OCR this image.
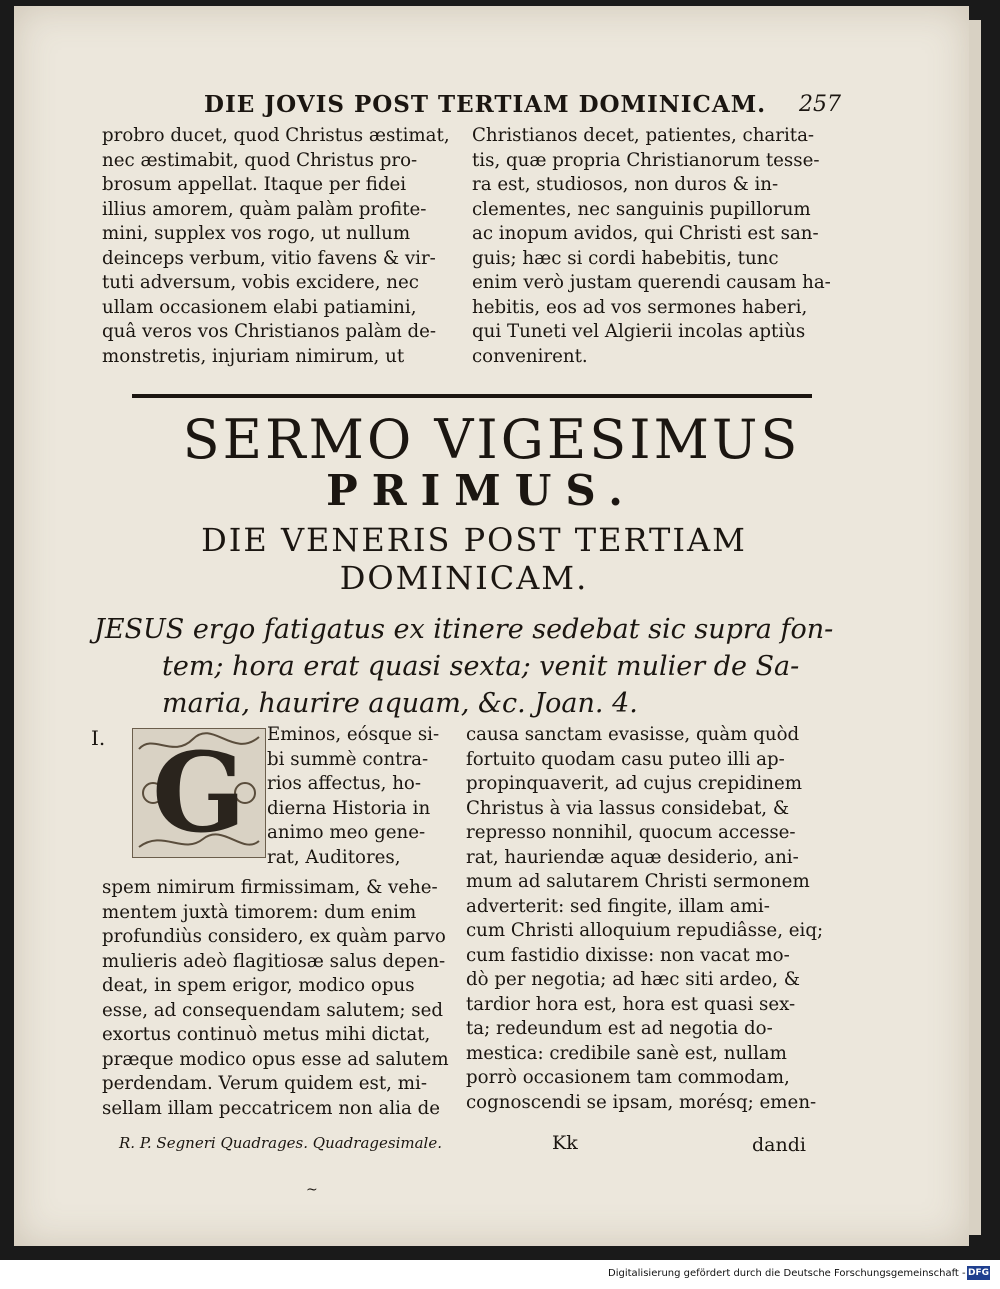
DIE JOVIS POST TERTIAM DOMINICAM. 257
probro ducet, quod Christus æstimat,
nec æstimabit, quod Christus pro-
brosum appellat. Itaque per fidei
illius amorem, quàm palàm profite-
mini, supplex vos rogo, ut nullum
deinceps verbum, vitio favens & vir-
tuti adversum, vobis excidere, nec
ullam occasionem elabi patiamini,
quâ veros vos Christianos palàm de-
monstretis, injuriam nimirum, ut
Christianos decet, patientes, charita-
tis, quæ propria Christianorum tesse-
ra est, studiosos, non duros & in-
clementes, nec sanguinis pupillorum
ac inopum avidos, qui Christi est san-
guis; hæc si cordi habebitis, tunc
enim verò justam querendi causam ha-
hebitis, eos ad vos sermones haberi,
qui Tuneti vel Algierii incolas aptiùs
convenirent.
SERMO VIGESIMUS
PRIMUS.
DIE VENERIS POST TERTIAM
DOMINICAM.
JESUS ergo fatigatus ex itinere sedebat sic supra fon-
tem; hora erat quasi sexta; venit mulier de Sa-
maria, haurire aquam, &c. Joan. 4.
I. G	Eminos, eósque si-
bi summè contra-
rios affectus, ho-
dierna Historia in
animo meo gene-
rat, Auditores,
spem nimirum firmissimam, & vehe-
mentem juxtà timorem: dum enim
profundiùs considero, ex quàm parvo
mulieris adeò flagitiosæ salus depen-
deat, in spem erigor, modico opus
esse, ad consequendam salutem; sed
exortus continuò metus mihi dictat,
præque modico opus esse ad salutem
perdendam. Verum quidem est, mi-
sellam illam peccatricem non alia de
causa sanctam evasisse, quàm quòd
fortuito quodam casu puteo illi ap-
propinquaverit, ad cujus crepidinem
Christus à via lassus considebat, &
represso nonnihil, quocum accesse-
rat, hauriendæ aquæ desiderio, ani-
mum ad salutarem Christi sermonem
adverterit: sed fingite, illam ami-
cum Christi alloquium repudiâsse, eiq;
cum fastidio dixisse: non vacat mo-
dò per negotia; ad hæc siti ardeo, &
tardior hora est, hora est quasi sex-
ta; redeundum est ad negotia do-
mestica: credibile sanè est, nullam
porrò occasionem tam commodam,
cognoscendi se ipsam, morésq; emen-
R. P. Segneri Quadrages. Quadragesimale.	Kk	dandi
~
Digitalisierung gefördert durch die Deutsche Forschungsgemeinschaft - DFG
